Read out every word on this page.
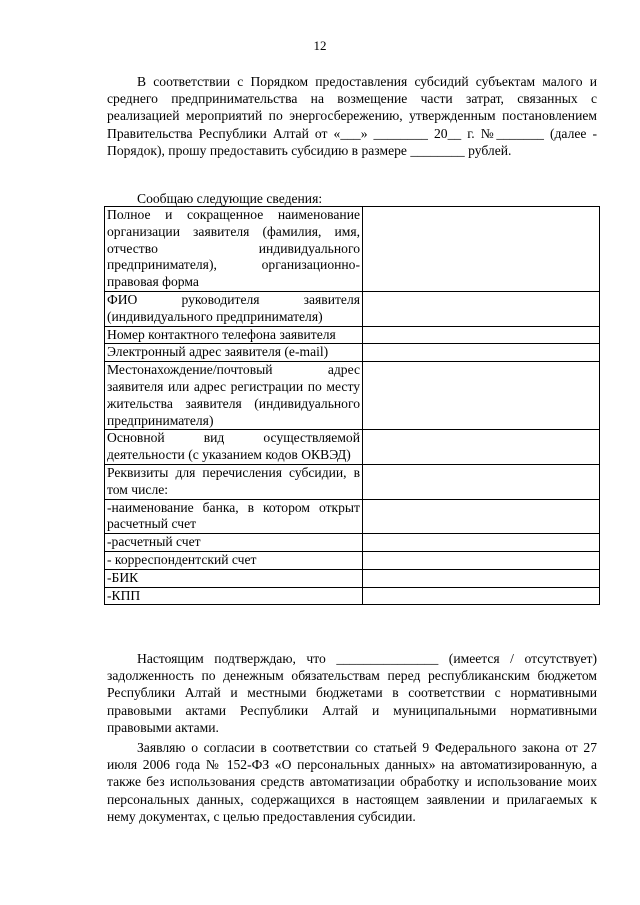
12

В соответствии с Порядком предоставления субсидий субъектам малого и среднего предпринимательства на возмещение части затрат, связанных с реализацией мероприятий по энергосбережению, утвержденным постановлением Правительства Республики Алтай от «___» ________ 20__ г. №_______ (далее - Порядок), прошу предоставить субсидию в размере ________ рублей.

Сообщаю следующие сведения:
Полное и сокращенное наименование организации заявителя (фамилия, имя, отчество индивидуального предпринимателя), организационно-правовая форма	
ФИО руководителя заявителя (индивидуального предпринимателя)	
Номер контактного телефона заявителя	
Электронный адрес заявителя (e-mail)	
Местонахождение/почтовый адрес заявителя или адрес регистрации по месту жительства заявителя (индивидуального предпринимателя)	
Основной вид осуществляемой деятельности (с указанием кодов ОКВЭД)	
Реквизиты для перечисления субсидии, в том числе:	
-наименование банка, в котором открыт расчетный счет	
-расчетный счет	
- корреспондентский счет	
-БИК	
-КПП	

Настоящим подтверждаю, что _______________ (имеется / отсутствует) задолженность по денежным обязательствам перед республиканским бюджетом Республики Алтай и местными бюджетами в соответствии с нормативными правовыми актами Республики Алтай и муниципальными нормативными правовыми актами.

Заявляю о согласии в соответствии со статьей 9 Федерального закона от 27 июля 2006 года № 152-ФЗ «О персональных данных» на автоматизированную, а также без использования средств автоматизации обработку и использование моих персональных данных, содержащихся в настоящем заявлении и прилагаемых к нему документах, с целью предоставления субсидии.
